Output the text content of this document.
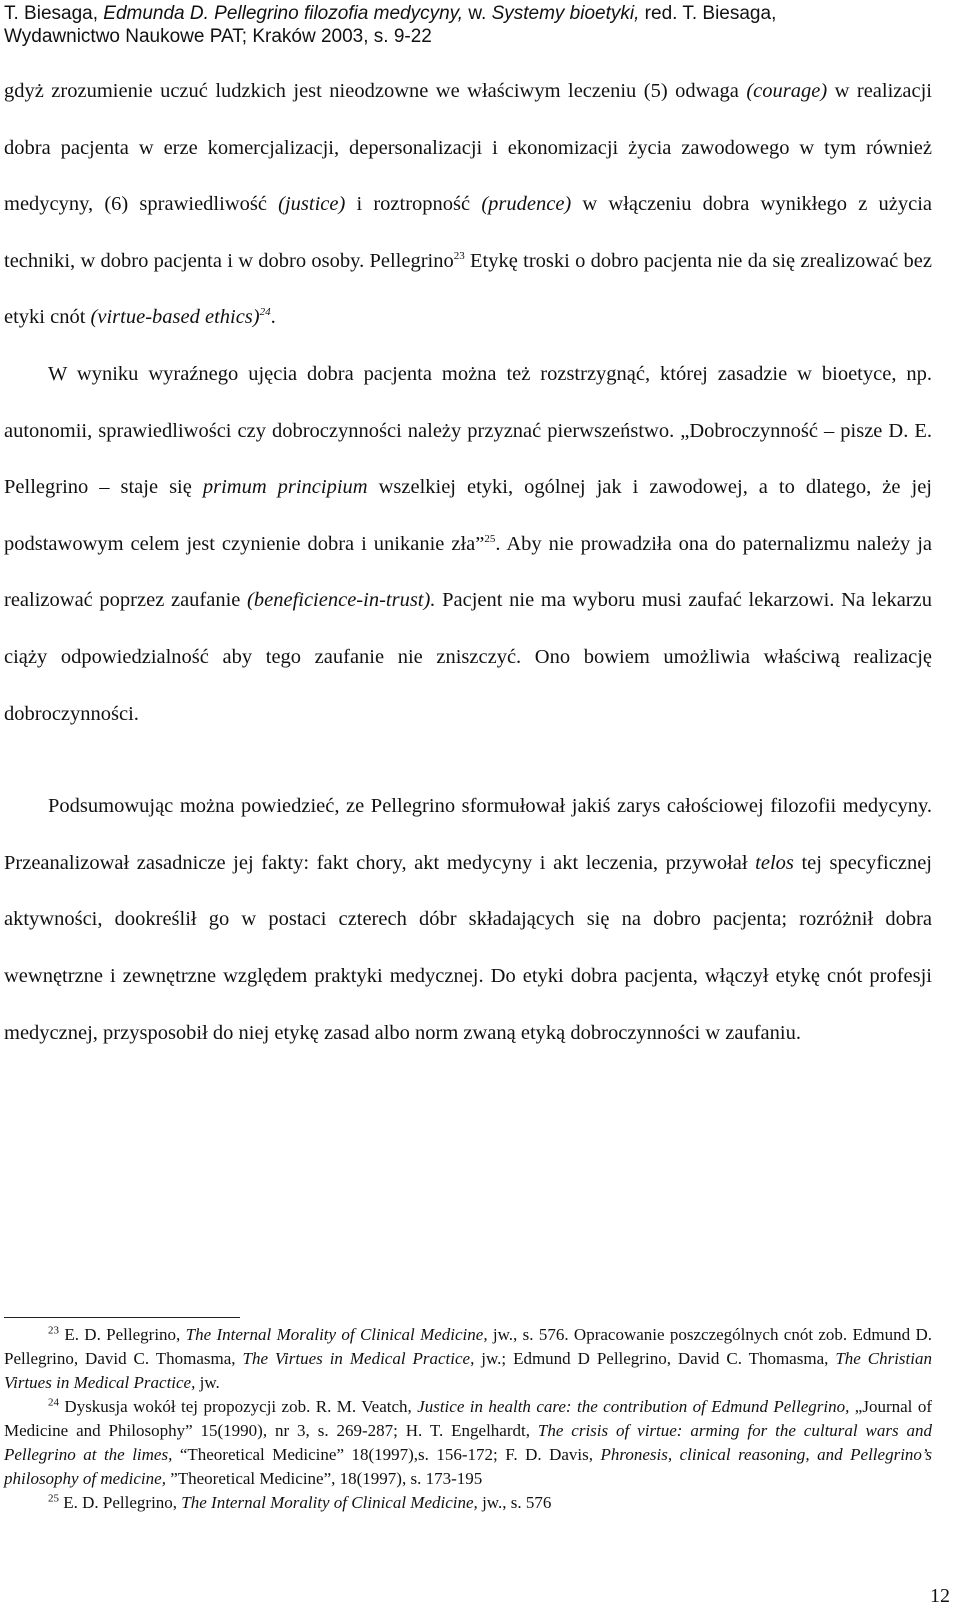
T. Biesaga, Edmunda D. Pellegrino filozofia medycyny, w. Systemy bioetyki, red. T. Biesaga,
Wydawnictwo Naukowe PAT; Kraków 2003, s. 9-22

gdyż zrozumienie uczuć ludzkich jest nieodzowne we właściwym leczeniu (5) odwaga (courage) w realizacji dobra pacjenta w erze komercjalizacji, depersonalizacji i ekonomizacji życia zawodowego w tym również medycyny, (6) sprawiedliwość (justice) i roztropność (prudence) w włączeniu dobra wynikłego z użycia techniki, w dobro pacjenta i w dobro osoby. Pellegrino$^{23}$ Etykę troski o dobro pacjenta nie da się zrealizować bez etyki cnót (virtue-based ethics)$^{24}$.

W wyniku wyraźnego ujęcia dobra pacjenta można też rozstrzygnąć, której zasadzie w bioetyce, np. autonomii, sprawiedliwości czy dobroczynności należy przyznać pierwszeństwo. „Dobroczynność – pisze D. E. Pellegrino – staje się primum principium wszelkiej etyki, ogólnej jak i zawodowej, a to dlatego, że jej podstawowym celem jest czynienie dobra i unikanie zła”$^{25}$. Aby nie prowadziła ona do paternalizmu należy ja realizować poprzez zaufanie (beneficience-in-trust). Pacjent nie ma wyboru musi zaufać lekarzowi. Na lekarzu ciąży odpowiedzialność aby tego zaufanie nie zniszczyć. Ono bowiem umożliwia właściwą realizację dobroczynności.

Podsumowując można powiedzieć, ze Pellegrino sformułował jakiś zarys całościowej filozofii medycyny. Przeanalizował zasadnicze jej fakty: fakt chory, akt medycyny i akt leczenia, przywołał telos tej specyficznej aktywności, dookreślił go w postaci czterech dóbr składających się na dobro pacjenta; rozróżnił dobra wewnętrzne i zewnętrzne względem praktyki medycznej. Do etyki dobra pacjenta, włączył etykę cnót profesji medycznej, przysposobił do niej etykę zasad albo norm zwaną etyką dobroczynności w zaufaniu.

$^{23}$ E. D. Pellegrino, The Internal Morality of Clinical Medicine, jw., s. 576. Opracowanie poszczególnych cnót zob. Edmund D. Pellegrino, David C. Thomasma, The Virtues in Medical Practice, jw.; Edmund D Pellegrino, David C. Thomasma, The Christian Virtues in Medical Practice, jw.

$^{24}$ Dyskusja wokół tej propozycji zob. R. M. Veatch, Justice in health care: the contribution of Edmund Pellegrino, „Journal of Medicine and Philosophy” 15(1990), nr 3, s. 269-287; H. T. Engelhardt, The crisis of virtue: arming for the cultural wars and Pellegrino at the limes, “Theoretical Medicine” 18(1997),s. 156-172; F. D. Davis, Phronesis, clinical reasoning, and Pellegrino’s philosophy of medicine, ”Theoretical Medicine”, 18(1997), s. 173-195

$^{25}$ E. D. Pellegrino, The Internal Morality of Clinical Medicine, jw., s. 576

12
